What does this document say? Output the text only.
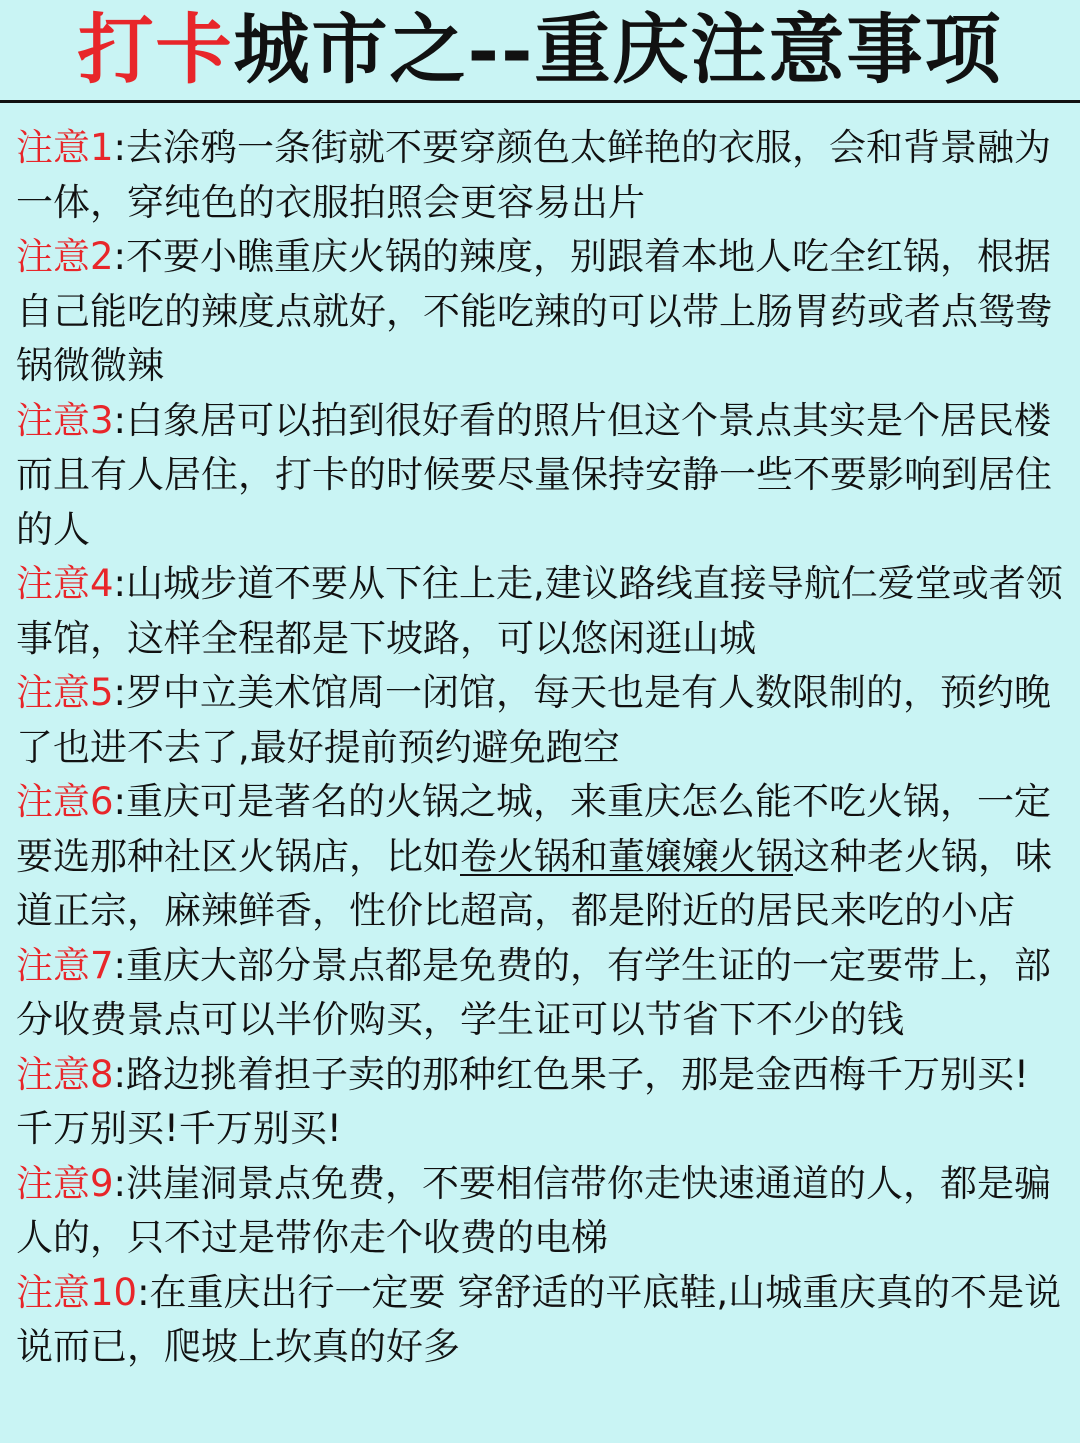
打卡城市之--重庆注意事项
注意1:去涂鸦一条街就不要穿颜色太鲜艳的衣服，会和背景融为一体，穿纯色的衣服拍照会更容易出片
注意2:不要小瞧重庆火锅的辣度，别跟着本地人吃全红锅，根据自己能吃的辣度点就好，不能吃辣的可以带上肠胃药或者点鸳鸯锅微微辣
注意3:白象居可以拍到很好看的照片但这个景点其实是个居民楼而且有人居住，打卡的时候要尽量保持安静一些不要影响到居住的人
注意4:山城步道不要从下往上走,建议路线直接导航仁爱堂或者领事馆，这样全程都是下坡路，可以悠闲逛山城
注意5:罗中立美术馆周一闭馆，每天也是有人数限制的，预约晚了也进不去了,最好提前预约避免跑空
注意6:重庆可是著名的火锅之城，来重庆怎么能不吃火锅，一定要选那种社区火锅店，比如卷火锅和董嬢嬢火锅这种老火锅，味道正宗，麻辣鲜香，性价比超高，都是附近的居民来吃的小店
注意7:重庆大部分景点都是免费的，有学生证的一定要带上，部分收费景点可以半价购买，学生证可以节省下不少的钱
注意8:路边挑着担子卖的那种红色果子，那是金西梅千万别买!千万别买!千万别买!
注意9:洪崖洞景点免费，不要相信带你走快速通道的人，都是骗人的，只不过是带你走个收费的电梯
注意10:在重庆出行一定要 穿舒适的平底鞋,山城重庆真的不是说说而已，爬坡上坎真的好多
